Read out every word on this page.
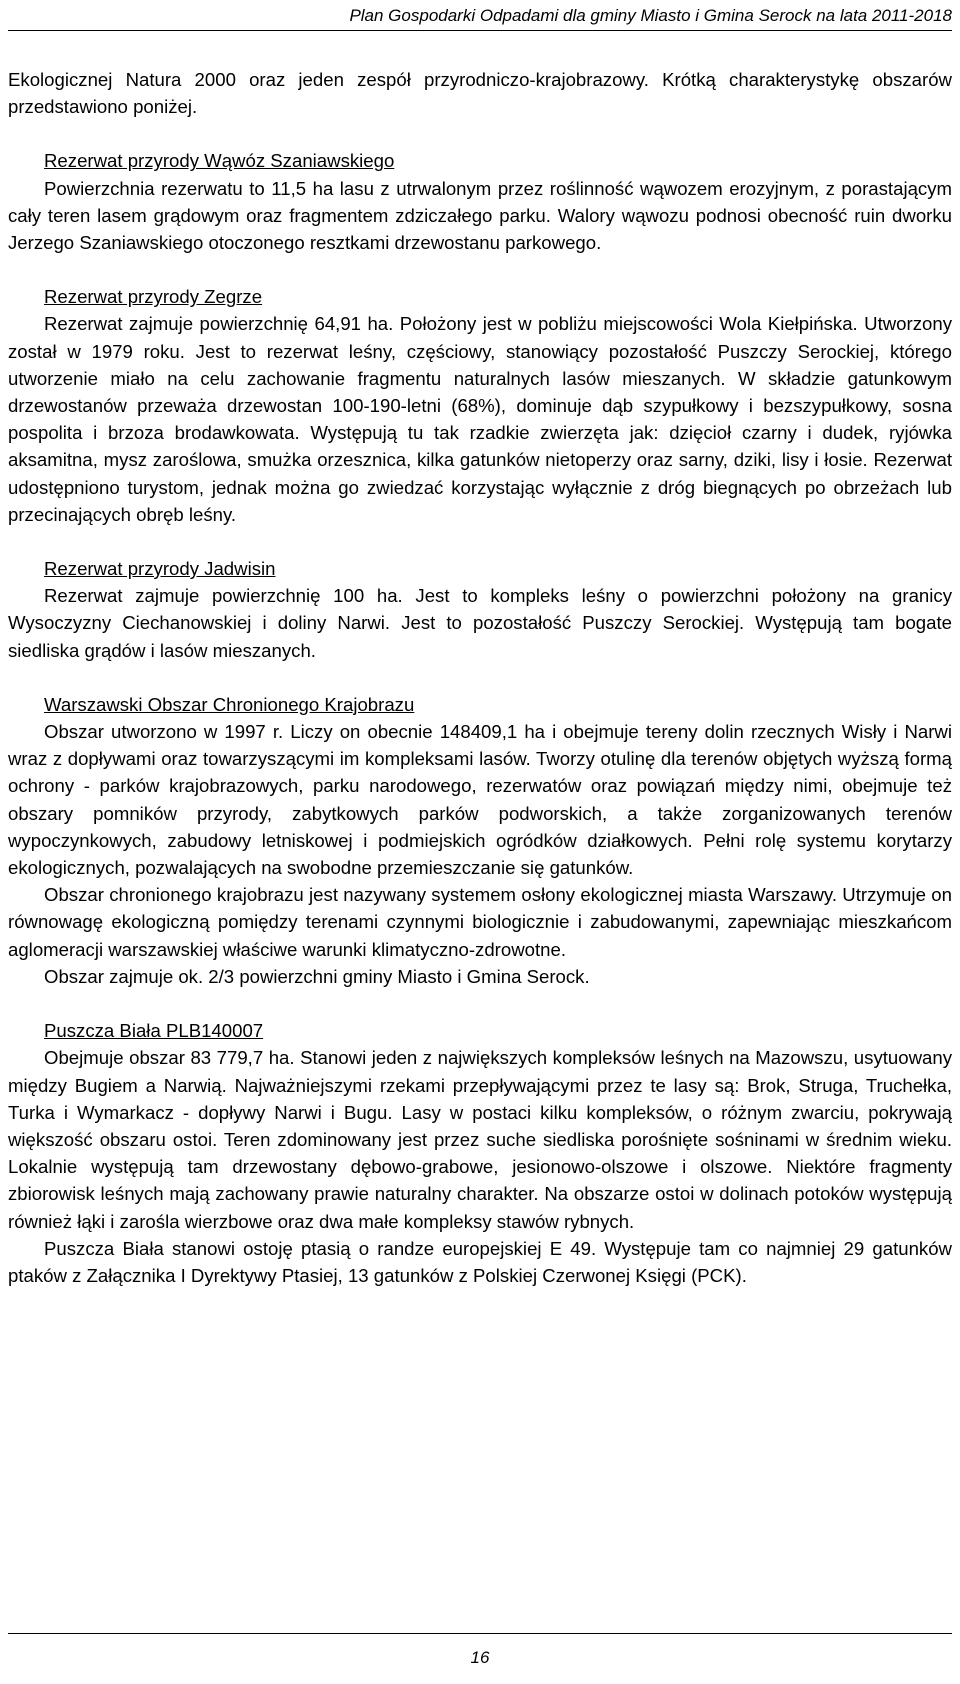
Plan Gospodarki Odpadami dla gminy Miasto i Gmina Serock na lata 2011-2018

Ekologicznej Natura 2000 oraz jeden zespół przyrodniczo-krajobrazowy. Krótką charakterystykę obszarów przedstawiono poniżej.

Rezerwat przyrody Wąwóz Szaniawskiego

Powierzchnia rezerwatu to 11,5 ha lasu z utrwalonym przez roślinność wąwozem erozyjnym, z porastającym cały teren lasem grądowym oraz fragmentem zdziczałego parku. Walory wąwozu podnosi obecność ruin dworku Jerzego Szaniawskiego otoczonego resztkami drzewostanu parkowego.

Rezerwat przyrody Zegrze

Rezerwat zajmuje powierzchnię 64,91 ha. Położony jest w pobliżu miejscowości Wola Kiełpińska. Utworzony został w 1979 roku. Jest to rezerwat leśny, częściowy, stanowiący pozostałość Puszczy Serockiej, którego utworzenie miało na celu zachowanie fragmentu naturalnych lasów mieszanych. W składzie gatunkowym drzewostanów przeważa drzewostan 100-190-letni (68%), dominuje dąb szypułkowy i bezszypułkowy, sosna pospolita i brzoza brodawkowata. Występują tu tak rzadkie zwierzęta jak: dzięcioł czarny i dudek, ryjówka aksamitna, mysz zaroślowa, smużka orzesznica, kilka gatunków nietoperzy oraz sarny, dziki, lisy i łosie. Rezerwat udostępniono turystom, jednak można go zwiedzać korzystając wyłącznie z dróg biegnących po obrzeżach lub przecinających obręb leśny.

Rezerwat przyrody Jadwisin

Rezerwat zajmuje powierzchnię 100 ha. Jest to kompleks leśny o powierzchni położony na granicy Wysoczyzny Ciechanowskiej i doliny Narwi. Jest to pozostałość Puszczy Serockiej. Występują tam bogate siedliska grądów i lasów mieszanych.

Warszawski Obszar Chronionego Krajobrazu

Obszar utworzono w 1997 r. Liczy on obecnie 148409,1 ha i obejmuje tereny dolin rzecznych Wisły i Narwi wraz z dopływami oraz towarzyszącymi im kompleksami lasów. Tworzy otulinę dla terenów objętych wyższą formą ochrony - parków krajobrazowych, parku narodowego, rezerwatów oraz powiązań między nimi, obejmuje też obszary pomników przyrody, zabytkowych parków podworskich, a także zorganizowanych terenów wypoczynkowych, zabudowy letniskowej i podmiejskich ogródków działkowych. Pełni rolę systemu korytarzy ekologicznych, pozwalających na swobodne przemieszczanie się gatunków.

Obszar chronionego krajobrazu jest nazywany systemem osłony ekologicznej miasta Warszawy. Utrzymuje on równowagę ekologiczną pomiędzy terenami czynnymi biologicznie i zabudowanymi, zapewniając mieszkańcom aglomeracji warszawskiej właściwe warunki klimatyczno-zdrowotne.

Obszar zajmuje ok. 2/3 powierzchni gminy Miasto i Gmina Serock.

Puszcza Biała PLB140007

Obejmuje obszar 83 779,7 ha. Stanowi jeden z największych kompleksów leśnych na Mazowszu, usytuowany między Bugiem a Narwią. Najważniejszymi rzekami przepływającymi przez te lasy są: Brok, Struga, Truchełka, Turka i Wymarkacz - dopływy Narwi i Bugu. Lasy w postaci kilku kompleksów, o różnym zwarciu, pokrywają większość obszaru ostoi. Teren zdominowany jest przez suche siedliska porośnięte sośninami w średnim wieku. Lokalnie występują tam drzewostany dębowo-grabowe, jesionowo-olszowe i olszowe. Niektóre fragmenty zbiorowisk leśnych mają zachowany prawie naturalny charakter. Na obszarze ostoi w dolinach potoków występują również łąki i zarośla wierzbowe oraz dwa małe kompleksy stawów rybnych.

Puszcza Biała stanowi ostoję ptasią o randze europejskiej E 49. Występuje tam co najmniej 29 gatunków ptaków z Załącznika I Dyrektywy Ptasiej, 13 gatunków z Polskiej Czerwonej Księgi (PCK).

16
